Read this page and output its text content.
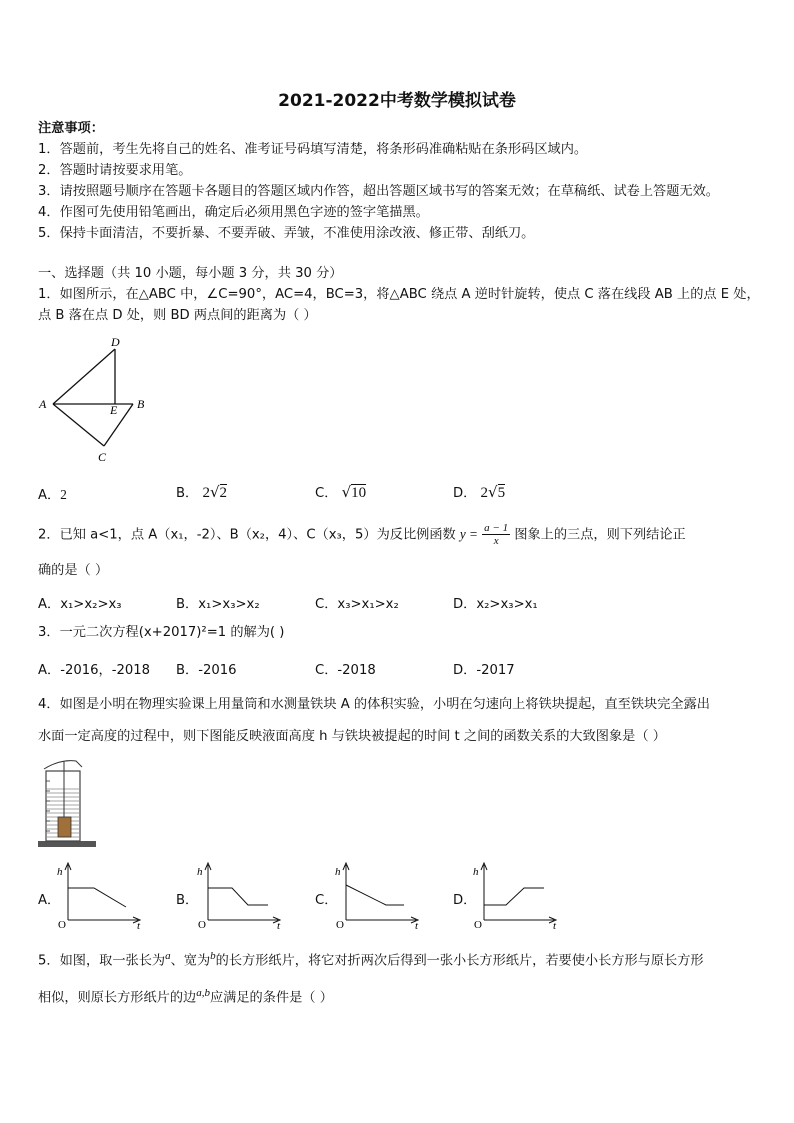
2021-2022中考数学模拟试卷
注意事项：
1．答题前，考生先将自己的姓名、准考证号码填写清楚，将条形码准确粘贴在条形码区域内。
2．答题时请按要求用笔。
3．请按照题号顺序在答题卡各题目的答题区域内作答，超出答题区域书写的答案无效；在草稿纸、试卷上答题无效。
4．作图可先使用铅笔画出，确定后必须用黑色字迹的签字笔描黑。
5．保持卡面清洁，不要折暴、不要弄破、弄皱，不准使用涂改液、修正带、刮纸刀。
一、选择题（共 10 小题，每小题 3 分，共 30 分）
1．如图所示，在△ABC 中，∠C=90°，AC=4，BC=3，将△ABC 绕点 A 逆时针旋转，使点 C 落在线段 AB 上的点 E 处，
点 B 落在点 D 处，则 BD 两点间的距离为（ ）
D
A	E B
C
A．2	B． 2√2	C． √10	D． 2√5
2．已知 a<1，点 A（x₁，-2）、B（x₂，4）、C（x₃，5）为反比例函数 $y = \frac{a - 1}{x}$ 图象上的三点，则下列结论正
确的是（ ）
A．x₁>x₂>x₃	B．x₁>x₃>x₂	C．x₃>x₁>x₂	D．x₂>x₃>x₁
3．一元二次方程(x+2017)²=1 的解为( )
A．-2016，-2018 B．-2016	C．-2018	D．-2017
4．如图是小明在物理实验课上用量筒和水测量铁块 A 的体积实验，小明在匀速向上将铁块提起，直至铁块完全露出
水面一定高度的过程中，则下图能反映液面高度 h 与铁块被提起的时间 t 之间的函数关系的大致图象是（ ）
A．
h
O	t
B．
h
O	t
C．
h
O	t
D．
h
O	t
5．如图，取一张长为$^a$、宽为$^b$的长方形纸片，将它对折两次后得到一张小长方形纸片，若要使小长方形与原长方形
相似，则原长方形纸片的边$^{a,b}$应满足的条件是（ ）
